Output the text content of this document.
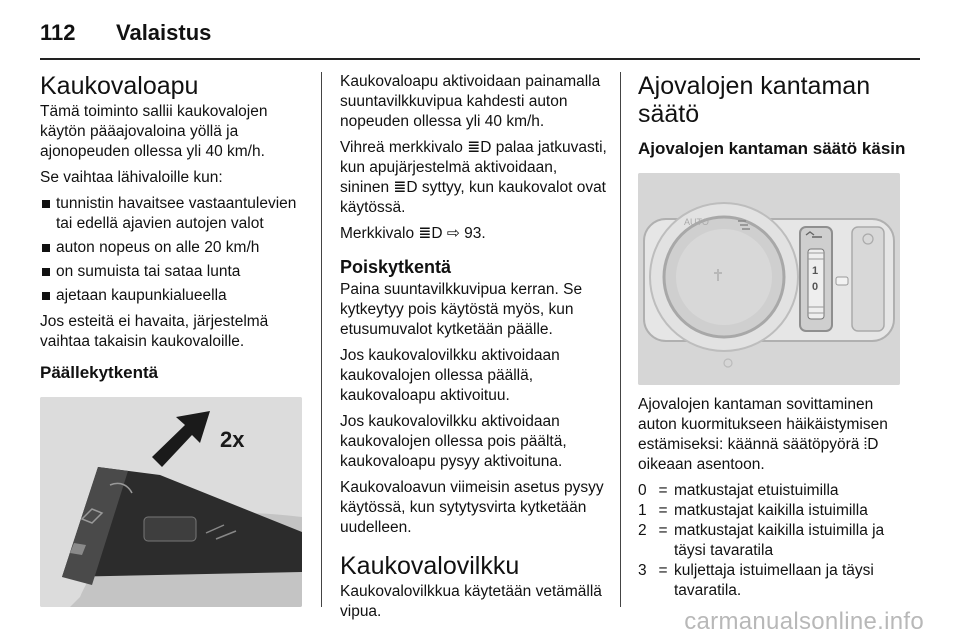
112	Valaistus
Kaukovaloapu

Tämä toiminto sallii kaukovalojen käytön pääajovaloina yöllä ja ajonopeuden ollessa yli 40 km/h.

Se vaihtaa lähivaloille kun:

tunnistin havaitsee vastaantulevien tai edellä ajavien autojen valot
auton nopeus on alle 20 km/h
on sumuista tai sataa lunta
ajetaan kaupunkialueella

Jos esteitä ei havaita, järjestelmä vaihtaa takaisin kaukovaloille.

Päällekytkentä
2x

Kaukovaloapu aktivoidaan painamalla suuntavilkkuvipua kahdesti auton nopeuden ollessa yli 40 km/h.

Vihreä merkkivalo ≣D palaa jatkuvasti, kun apujärjestelmä aktivoidaan, sininen ≣D syttyy, kun kaukovalot ovat käytössä.

Merkkivalo ≣D ⇨ 93.

Poiskytkentä

Paina suuntavilkkuvipua kerran. Se kytkeytyy pois käytöstä myös, kun etusumuvalot kytketään päälle.

Jos kaukovalovilkku aktivoidaan kaukovalojen ollessa päällä, kaukovaloapu aktivoituu.

Jos kaukovalovilkku aktivoidaan kaukovalojen ollessa pois päältä, kaukovaloapu pysyy aktivoituna.

Kaukovaloavun viimeisin asetus pysyy käytössä, kun sytytysvirta kytketään uudelleen.

Kaukovalovilkku

Kaukovalovilkkua käytetään vetämällä vipua.

Ajovalojen kantaman säätö
Ajovalojen kantaman säätö käsin
AUTO
1
0

Ajovalojen kantaman sovittaminen auton kuormitukseen häikäistymisen estämiseksi: käännä säätöpyörä ⦙D oikeaan asentoon.

0	=	matkustajat etuistuimilla
1	=	matkustajat kaikilla istuimilla
2	=	matkustajat kaikilla istuimilla ja täysi tavaratila
3	=	kuljettaja istuimellaan ja täysi tavaratila.
carmanualsonline.info
